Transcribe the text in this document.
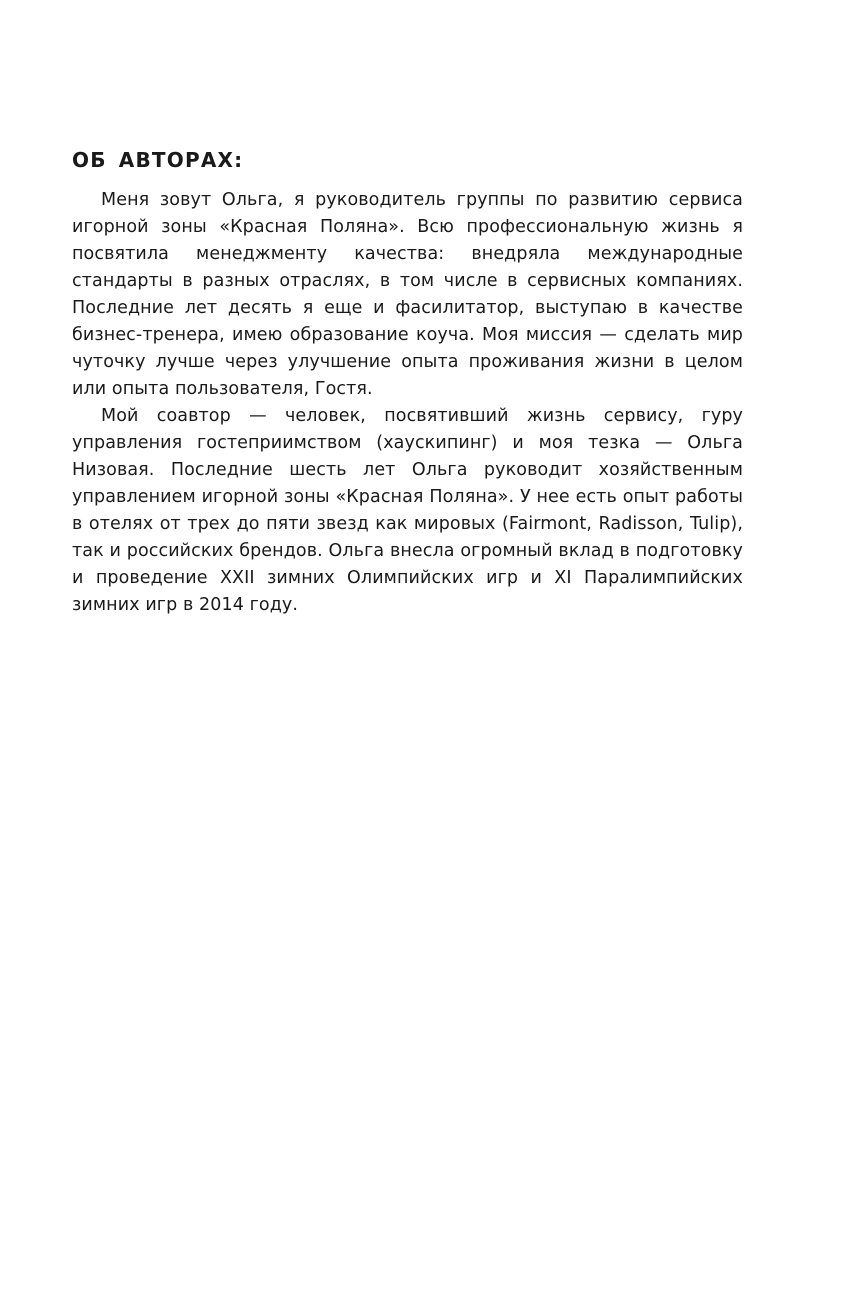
ОБ АВТОРАХ:

Меня зовут Ольга, я руководитель группы по развитию сервиса игорной зоны «Красная Поляна». Всю профессиональную жизнь я посвятила менеджменту качества: внедряла международные стандарты в разных отраслях, в том числе в сервисных компаниях. Последние лет десять я еще и фасилитатор, выступаю в качестве бизнес-тренера, имею образование коуча. Моя миссия — сделать мир чуточку лучше через улучшение опыта проживания жизни в целом или опыта пользователя, Гостя.

Мой соавтор — человек, посвятивший жизнь сервису, гуру управления гостеприимством (хаускипинг) и моя тезка — Ольга Низовая. Последние шесть лет Ольга руководит хозяйственным управлением игорной зоны «Красная Поляна». У нее есть опыт работы в отелях от трех до пяти звезд как мировых (Fairmont, Radisson, Tulip), так и российских брендов. Ольга внесла огромный вклад в подготовку и проведение XXII зимних Олимпийских игр и XI Паралимпийских зимних игр в 2014 году.
